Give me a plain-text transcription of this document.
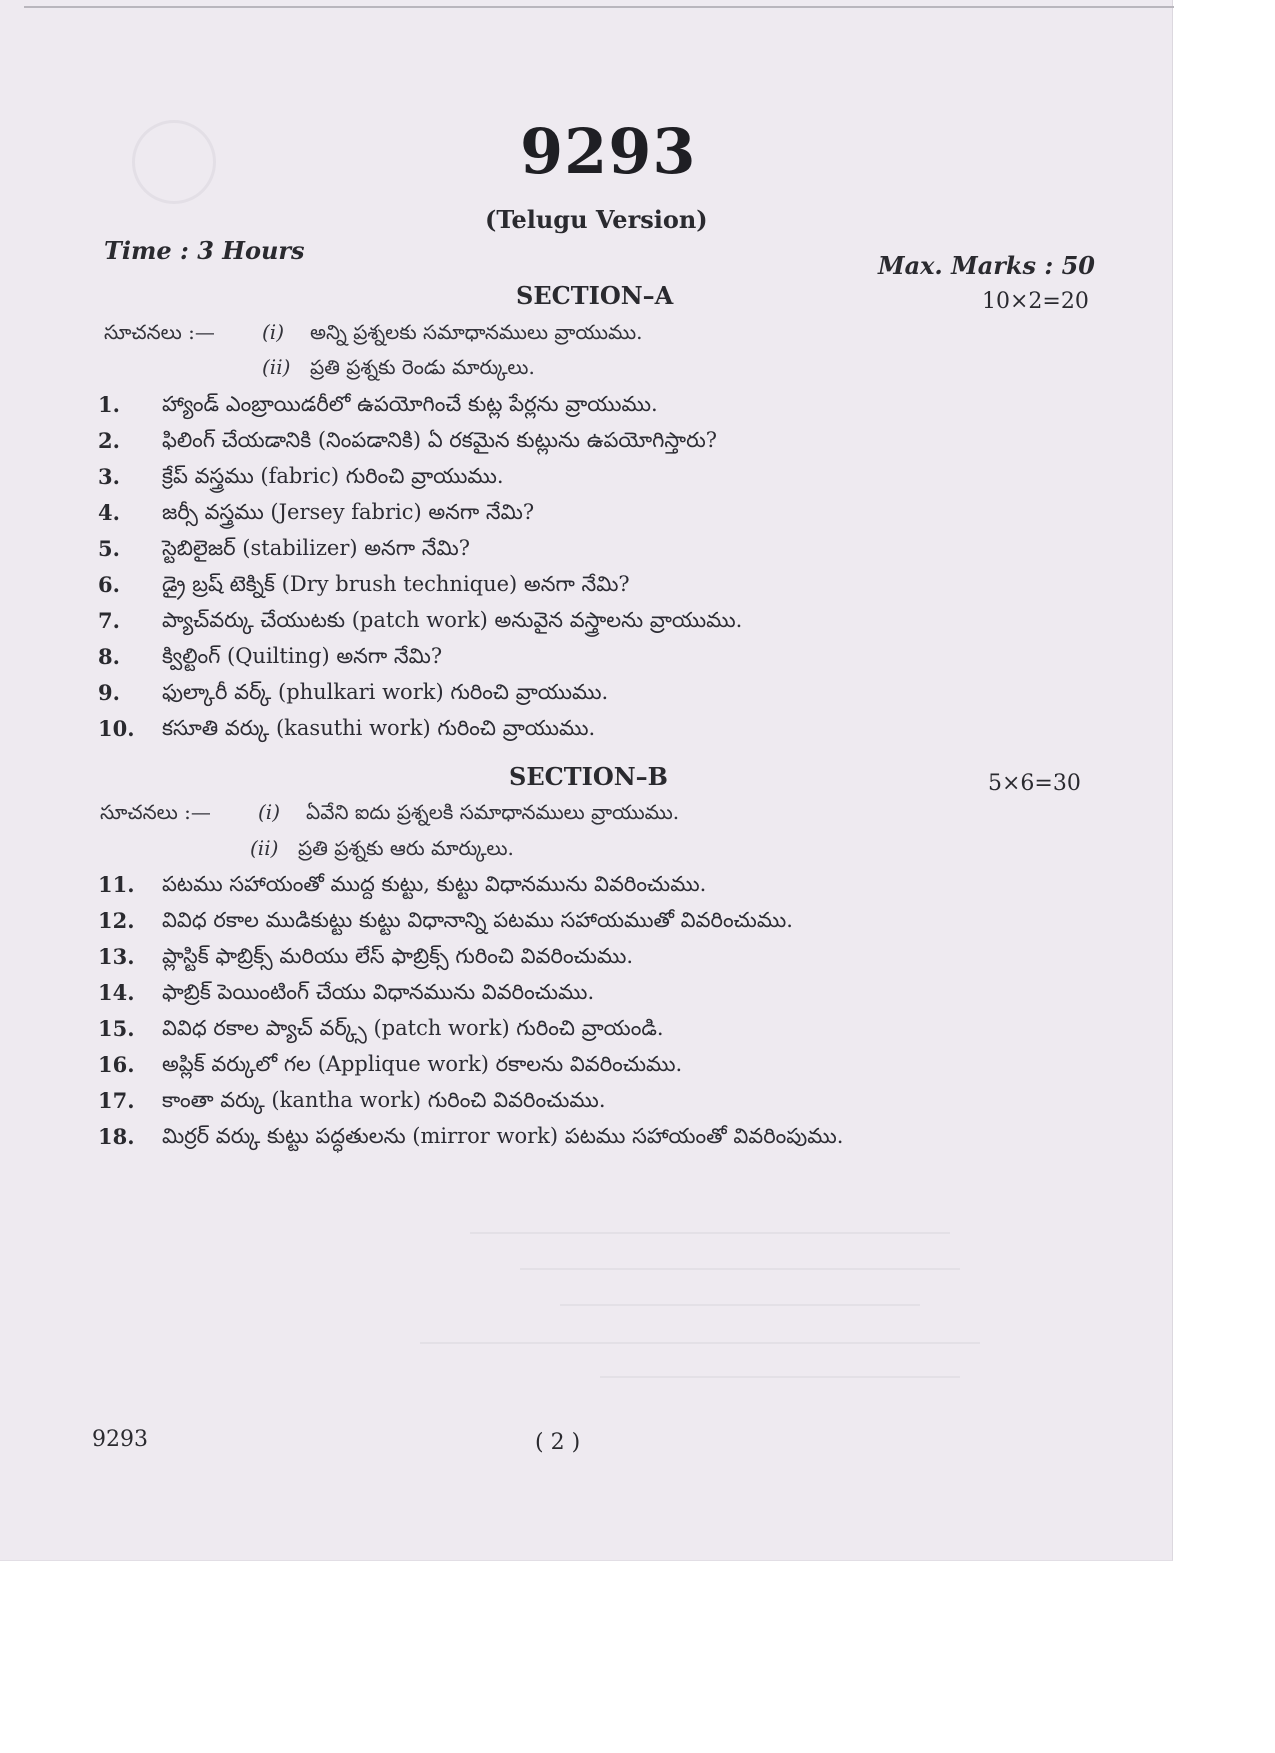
9293
(Telugu Version)
Time : 3 Hours
Max. Marks : 50
SECTION–A	10×2=20
సూచనలు :— (i) అన్ని ప్రశ్నలకు సమాధానములు వ్రాయుము.
(ii) ప్రతి ప్రశ్నకు రెండు మార్కులు.
1. హ్యాండ్ ఎంబ్రాయిడరీలో ఉపయోగించే కుట్ల పేర్లను వ్రాయుము.
2. ఫిలింగ్ చేయడానికి (నింపడానికి) ఏ రకమైన కుట్లును ఉపయోగిస్తారు?
3. క్రేప్ వస్త్రము (fabric) గురించి వ్రాయుము.
4. జర్సీ వస్త్రము (Jersey fabric) అనగా నేమి?
5. స్టెబిలైజర్ (stabilizer) అనగా నేమి?
6. డ్రై బ్రష్ టెక్నిక్ (Dry brush technique) అనగా నేమి?
7. ప్యాచ్‌వర్కు చేయుటకు (patch work) అనువైన వస్త్రాలను వ్రాయుము.
8. క్విల్టింగ్ (Quilting) అనగా నేమి?
9. ఫుల్కారీ వర్క్ (phulkari work) గురించి వ్రాయుము.
10. కసూతి వర్కు (kasuthi work) గురించి వ్రాయుము.
SECTION–B	5×6=30
సూచనలు :— (i) ఏవేని ఐదు ప్రశ్నలకి సమాధానములు వ్రాయుము.
(ii) ప్రతి ప్రశ్నకు ఆరు మార్కులు.
11. పటము సహాయంతో ముద్ద కుట్టు, కుట్టు విధానమును వివరించుము.
12. వివిధ రకాల ముడికుట్టు కుట్టు విధానాన్ని పటము సహాయముతో వివరించుము.
13. ప్లాస్టిక్ ఫాబ్రిక్స్ మరియు లేస్ ఫాబ్రిక్స్ గురించి వివరించుము.
14. ఫాబ్రిక్ పెయింటింగ్ చేయు విధానమును వివరించుము.
15. వివిధ రకాల ప్యాచ్ వర్క్స్ (patch work) గురించి వ్రాయండి.
16. అప్లిక్ వర్కులో గల (Applique work) రకాలను వివరించుము.
17. కాంతా వర్కు (kantha work) గురించి వివరించుము.
18. మిర్రర్ వర్కు కుట్టు పద్ధతులను (mirror work) పటము సహాయంతో వివరింపుము.
9293	( 2 )
